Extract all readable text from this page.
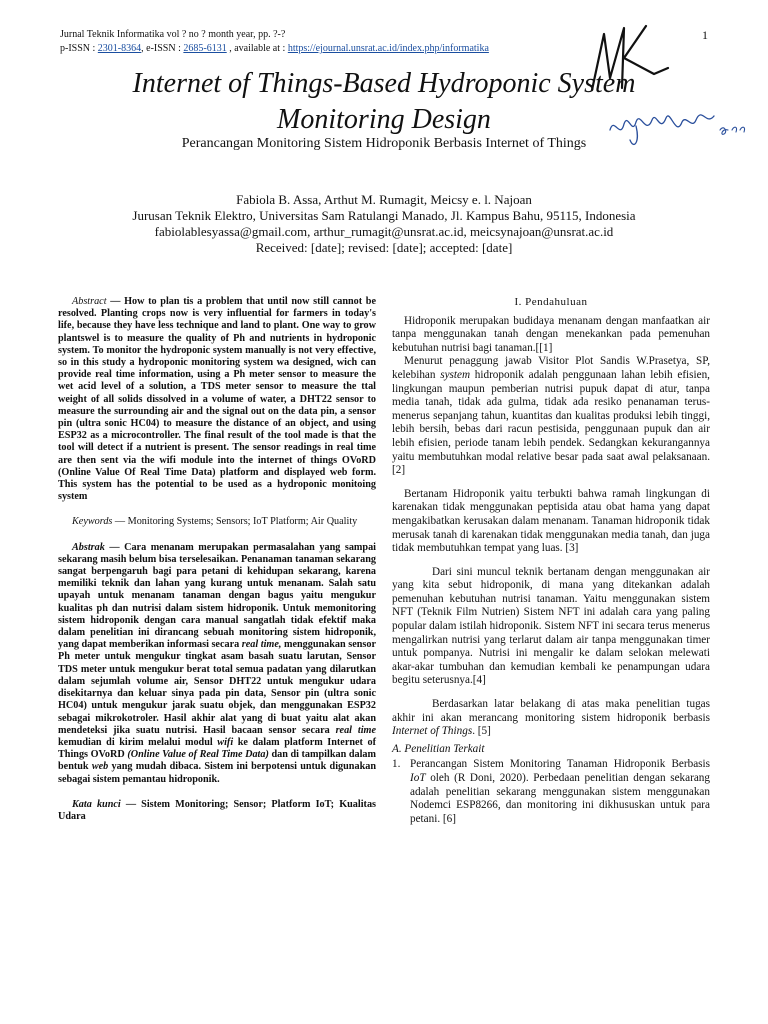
Jurnal Teknik Informatika vol ? no ? month year, pp. ?-?
p-ISSN : 2301-8364, e-ISSN : 2685-6131 , available at : https://ejournal.unsrat.ac.id/index.php/informatika
1
Internet of Things-Based Hydroponic System
Monitoring Design
Perancangan Monitoring Sistem Hidroponik Berbasis Internet of Things
Fabiola B. Assa, Arthut M. Rumagit, Meicsy e. l. Najoan
Jurusan Teknik Elektro, Universitas Sam Ratulangi Manado, Jl. Kampus Bahu, 95115, Indonesia
fabiolablesyassa@gmail.com, arthur_rumagit@unsrat.ac.id, meicsynajoan@unsrat.ac.id
Received: [date]; revised: [date]; accepted: [date]

Abstract — How to plan tis a problem that until now still cannot be resolved. Planting crops now is very influential for farmers in today's life, because they have less technique and land to plant. One way to grow plantswel is to measure the quality of Ph and nutrients in hydroponic system. To monitor the hydroponic system manually is not very effective, so in this study a hydroponic monitoring system wa designed, wich can provide real time information, using a Ph meter sensor to measure the wet acid level of a solution, a TDS meter sensor to measure the ttal weight of all solids dissolved in a volume of water, a DHT22 sensor to measure the surrounding air and the signal out on the data pin, a sensor pin (ultra sonic HC04) to measure the distance of an object, and using ESP32 as a microcontroller. The final result of the tool made is that the tool will detect if a nutrient is present. The sensor readings in real time are then sent via the wifi module into the internet of things OVoRD (Online Value Of Real Time Data) platform and displayed web form. This system has the potential to be used as a hydroponic monitoing system

Keywords — Monitoring Systems; Sensors; IoT Platform; Air Quality

Abstrak — Cara menanam merupakan permasalahan yang sampai sekarang masih belum bisa terselesaikan. Penanaman tanaman sekarang sangat berpengaruh bagi para petani di kehidupan sekarang, karena memiliki teknik dan lahan yang kurang untuk menanam. Salah satu upayah untuk menanam tanaman dengan bagus yaitu mengukur kualitas ph dan nutrisi dalam sistem hidroponik. Untuk memonitoring sistem hidroponik dengan cara manual sangatlah tidak efektif maka dalam penelitian ini dirancang sebuah monitoring sistem hidroponik, yang dapat memberikan informasi secara real time, menggunakan sensor Ph meter untuk mengukur tingkat asam basah suatu larutan, Sensor TDS meter untuk mengukur berat total semua padatan yang dilarutkan dalam sejumlah volume air, Sensor DHT22 untuk mengukur udara disekitarnya dan keluar sinya pada pin data, Sensor pin (ultra sonic HC04) untuk mengukur jarak suatu objek, dan menggunakan ESP32 sebagai mikrokotroler. Hasil akhir alat yang di buat yaitu alat akan mendeteksi jika suatu nutrisi. Hasil bacaan sensor secara real time kemudian di kirim melalui modul wifi ke dalam platform Internet of Things OVoRD (Online Value of Real Time Data) dan di tampilkan dalam bentuk web yang mudah dibaca. Sistem ini berpotensi untuk digunakan sebagai sistem pemantau hidroponik.

Kata kunci — Sistem Monitoring; Sensor; Platform IoT; Kualitas Udara

I. Pendahuluan

Hidroponik merupakan budidaya menanam dengan manfaatkan air tanpa menggunakan tanah dengan menekankan pada pemenuhan kebutuhan nutrisi bagi tanaman.[[1]

Menurut penaggung jawab Visitor Plot Sandis W.Prasetya, SP, kelebihan system hidroponik adalah penggunaan lahan lebih efisien, lingkungan maupun pemberian nutrisi pupuk dapat di atur, tanpa media tanah, tidak ada gulma, tidak ada resiko penanaman terus-menerus sepanjang tahun, kuantitas dan kualitas produksi lebih tinggi, lebih bersih, bebas dari racun pestisida, penggunaan pupuk dan air lebih efisien, periode tanam lebih pendek. Sedangkan kekurangannya yaitu membutuhkan modal relative besar pada saat awal pelaksanaan.[2]

Bertanam Hidroponik yaitu terbukti bahwa ramah lingkungan di karenakan tidak menggunakan peptisida atau obat hama yang dapat mengakibatkan kerusakan dalam menanam. Tanaman hidroponik tidak merusak tanah di karenakan tidak menggunakan media tanah, dan juga tidak membutuhkan tempat yang luas. [3]

Dari sini muncul teknik bertanam dengan menggunakan air yang kita sebut hidroponik, di mana yang ditekankan adalah pemenuhan kebutuhan nutrisi tanaman. Yaitu menggunakan sistem NFT (Teknik Film Nutrien) Sistem NFT ini adalah cara yang paling popular dalam istilah hidroponik. Sistem NFT ini secara terus menerus mengalirkan nutrisi yang terlarut dalam air tanpa menggunakan timer untuk pompanya. Nutrisi ini mengalir ke dalam selokan melewati akar-akar tumbuhan dan kemudian kembali ke penampungan udara begitu seterusnya.[4]

Berdasarkan latar belakang di atas maka penelitian tugas akhir ini akan merancang monitoring sistem hidroponik berbasis Internet of Things. [5]

A. Penelitian Terkait
1. Perancangan Sistem Monitoring Tanaman Hidroponik Berbasis IoT oleh (R Doni, 2020). Perbedaan penelitian dengan sekarang adalah penelitian sekarang menggunakan sistem menggunakan Nodemci ESP8266, dan monitoring ini dikhususkan untuk para petani. [6]
